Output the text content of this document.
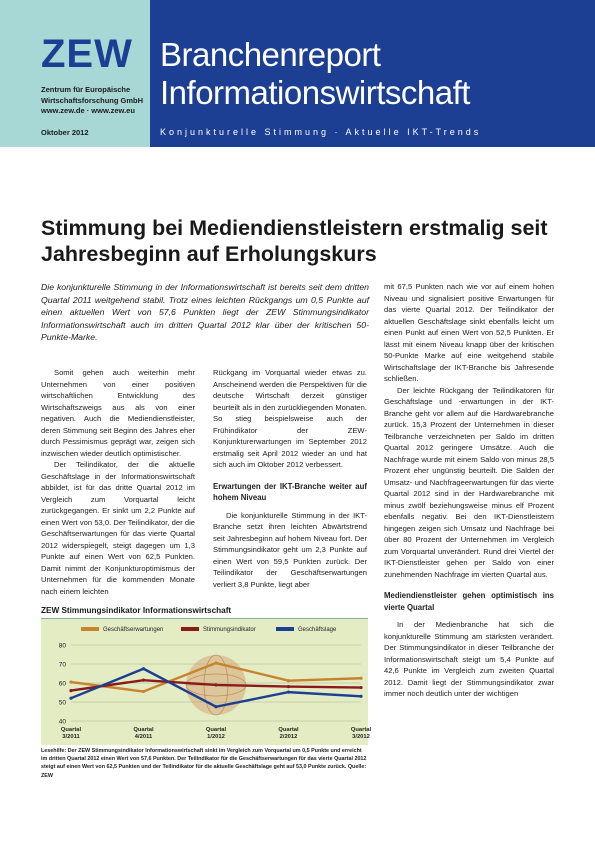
ZEW
Zentrum für Europäische
Wirtschaftsforschung GmbH
www.zew.de · www.zew.eu
Oktober 2012
Branchenreport
Informationswirtschaft
Konjunkturelle Stimmung · Aktuelle IKT-Trends
Stimmung bei Mediendienstleistern erstmalig seit Jahresbeginn auf Erholungskurs
Die konjunkturelle Stimmung in der Informationswirtschaft ist bereits seit dem dritten Quartal 2011 weitgehend stabil. Trotz eines leichten Rückgangs um 0,5 Punkte auf einen aktuellen Wert von 57,6 Punkten liegt der ZEW Stimmungsindikator Informationswirtschaft auch im dritten Quartal 2012 klar über der kritischen 50-Punkte-Marke.

Somit gehen auch weiterhin mehr Unternehmen von einer positiven wirtschaftlichen Entwicklung des Wirtschaftszweigs aus als von einer negativen. Auch die Mediendienstleister, deren Stimmung seit Beginn des Jahres eher durch Pessimismus geprägt war, zeigen sich inzwischen wieder deutlich optimistischer.

Der Teilindikator, der die aktuelle Geschäftslage in der Informationswirtschaft abbildet, ist für das dritte Quartal 2012 im Vergleich zum Vorquartal leicht zurückgegangen. Er sinkt um 2,2 Punkte auf einen Wert von 53,0. Der Teilindikator, der die Geschäftserwartungen für das vierte Quartal 2012 widerspiegelt, steigt dagegen um 1,3 Punkte auf einen Wert von 62,5 Punkten. Damit nimmt der Konjunkturoptimismus der Unternehmen für die kommenden Monate nach einem leichten

Rückgang im Vorquartal wieder etwas zu. Anscheinend werden die Perspektiven für die deutsche Wirtschaft derzeit günstiger beurteilt als in den zurückliegenden Monaten. So stieg beispielsweise auch der Frühindikator der ZEW-Konjunkturerwartungen im September 2012 erstmalig seit April 2012 wieder an und hat sich auch im Oktober 2012 verbessert.

Erwartungen der IKT-Branche weiter auf hohem Niveau

Die konjunkturelle Stimmung in der IKT-Branche setzt ihren leichten Abwärtstrend seit Jahresbeginn auf hohem Niveau fort. Der Stimmungsindikator geht um 2,3 Punkte auf einen Wert von 59,5 Punkten zurück. Der Teilindikator der Geschäftserwartungen verliert 3,8 Punkte, liegt aber

mit 67,5 Punkten nach wie vor auf einem hohen Niveau und signalisiert positive Erwartungen für das vierte Quartal 2012. Der Teilindikator der aktuellen Geschäftslage sinkt ebenfalls leicht um einen Punkt auf einen Wert von 52,5 Punkten. Er lässt mit einem Niveau knapp über der kritischen 50-Punkte Marke auf eine weitgehend stabile Wirtschaftslage der IKT-Branche bis Jahresende schließen.

Der leichte Rückgang der Teilindikatoren für Geschäftslage und -erwartungen in der IKT-Branche geht vor allem auf die Hardwarebranche zurück. 15,3 Prozent der Unternehmen in dieser Teilbranche verzeichneten per Saldo im dritten Quartal 2012 geringere Umsätze. Auch die Nachfrage wurde mit einem Saldo von minus 28,5 Prozent eher ungünstig beurteilt. Die Salden der Umsatz- und Nachfrageerwartungen für das vierte Quartal 2012 sind in der Hardwarebranche mit minus zwölf beziehungsweise minus elf Prozent ebenfalls negativ. Bei den IKT-Dienstleistern hingegen zeigen sich Umsatz und Nachfrage bei über 80 Prozent der Unternehmen im Vergleich zum Vorquartal unverändert. Rund drei Viertel der IKT-Dienstleister gehen per Saldo von einer zunehmenden Nachfrage im vierten Quartal aus.

Mediendienstleister gehen optimistisch ins vierte Quartal

In der Medienbranche hat sich die konjunkturelle Stimmung am stärksten verändert. Der Stimmungsindikator in dieser Teilbranche der Informationswirtschaft steigt um 5,4 Punkte auf 42,6 Punkte im Vergleich zum zweiten Quartal 2012. Damit liegt der Stimmungsindikator zwar immer noch deutlich unter der wichtigen

ZEW Stimmungsindikator Informationswirtschaft
40
50
60
70
80
Quartal
3/2011
Quartal
4/2011
Quartal
1/2012
Quartal
2/2012
Quartal
3/2012
Geschäftserwartungen	Stimmungsindikator	Geschäftslage
Lesehilfe: Der ZEW Stimmungsindikator Informationswirtschaft sinkt im Vergleich zum Vorquartal um 0,5 Punkte und erreicht im dritten Quartal 2012 einen Wert von 57,6 Punkten. Der Teilindikator für die Geschäftserwartungen für das vierte Quartal 2012 steigt auf einen Wert von 62,5 Punkten und der Teilindikator für die aktuelle Geschäftslage geht auf 53,0 Punkte zurück. Quelle: ZEW
